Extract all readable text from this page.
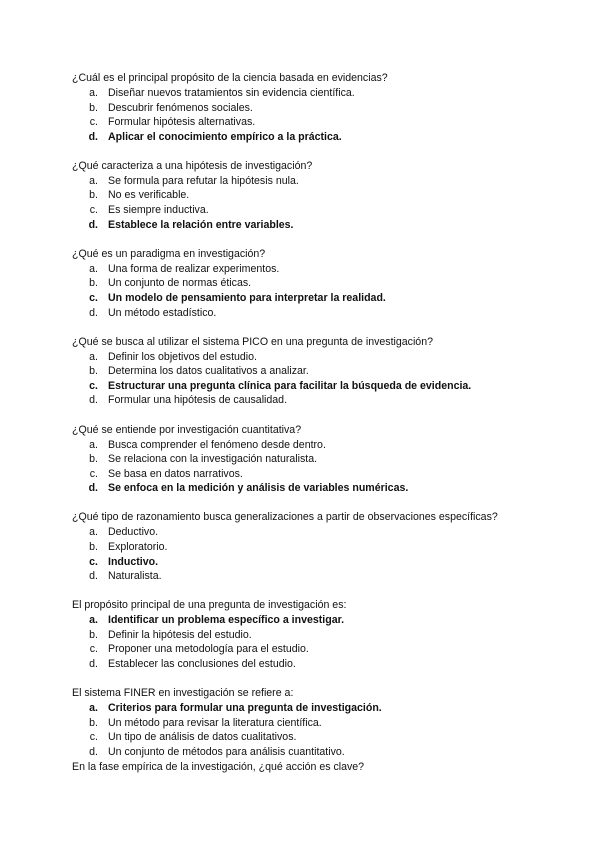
¿Cuál es el principal propósito de la ciencia basada en evidencias?
a. Diseñar nuevos tratamientos sin evidencia científica.
b. Descubrir fenómenos sociales.
c. Formular hipótesis alternativas.
d. Aplicar el conocimiento empírico a la práctica.
¿Qué caracteriza a una hipótesis de investigación?
a. Se formula para refutar la hipótesis nula.
b. No es verificable.
c. Es siempre inductiva.
d. Establece la relación entre variables.
¿Qué es un paradigma en investigación?
a. Una forma de realizar experimentos.
b. Un conjunto de normas éticas.
c. Un modelo de pensamiento para interpretar la realidad.
d. Un método estadístico.
¿Qué se busca al utilizar el sistema PICO en una pregunta de investigación?
a. Definir los objetivos del estudio.
b. Determina los datos cualitativos a analizar.
c. Estructurar una pregunta clínica para facilitar la búsqueda de evidencia.
d. Formular una hipótesis de causalidad.
¿Qué se entiende por investigación cuantitativa?
a. Busca comprender el fenómeno desde dentro.
b. Se relaciona con la investigación naturalista.
c. Se basa en datos narrativos.
d. Se enfoca en la medición y análisis de variables numéricas.
¿Qué tipo de razonamiento busca generalizaciones a partir de observaciones específicas?
a. Deductivo.
b. Exploratorio.
c. Inductivo.
d. Naturalista.
El propósito principal de una pregunta de investigación es:
a. Identificar un problema específico a investigar.
b. Definir la hipótesis del estudio.
c. Proponer una metodología para el estudio.
d. Establecer las conclusiones del estudio.
El sistema FINER en investigación se refiere a:
a. Criterios para formular una pregunta de investigación.
b. Un método para revisar la literatura científica.
c. Un tipo de análisis de datos cualitativos.
d. Un conjunto de métodos para análisis cuantitativo.
En la fase empírica de la investigación, ¿qué acción es clave?
